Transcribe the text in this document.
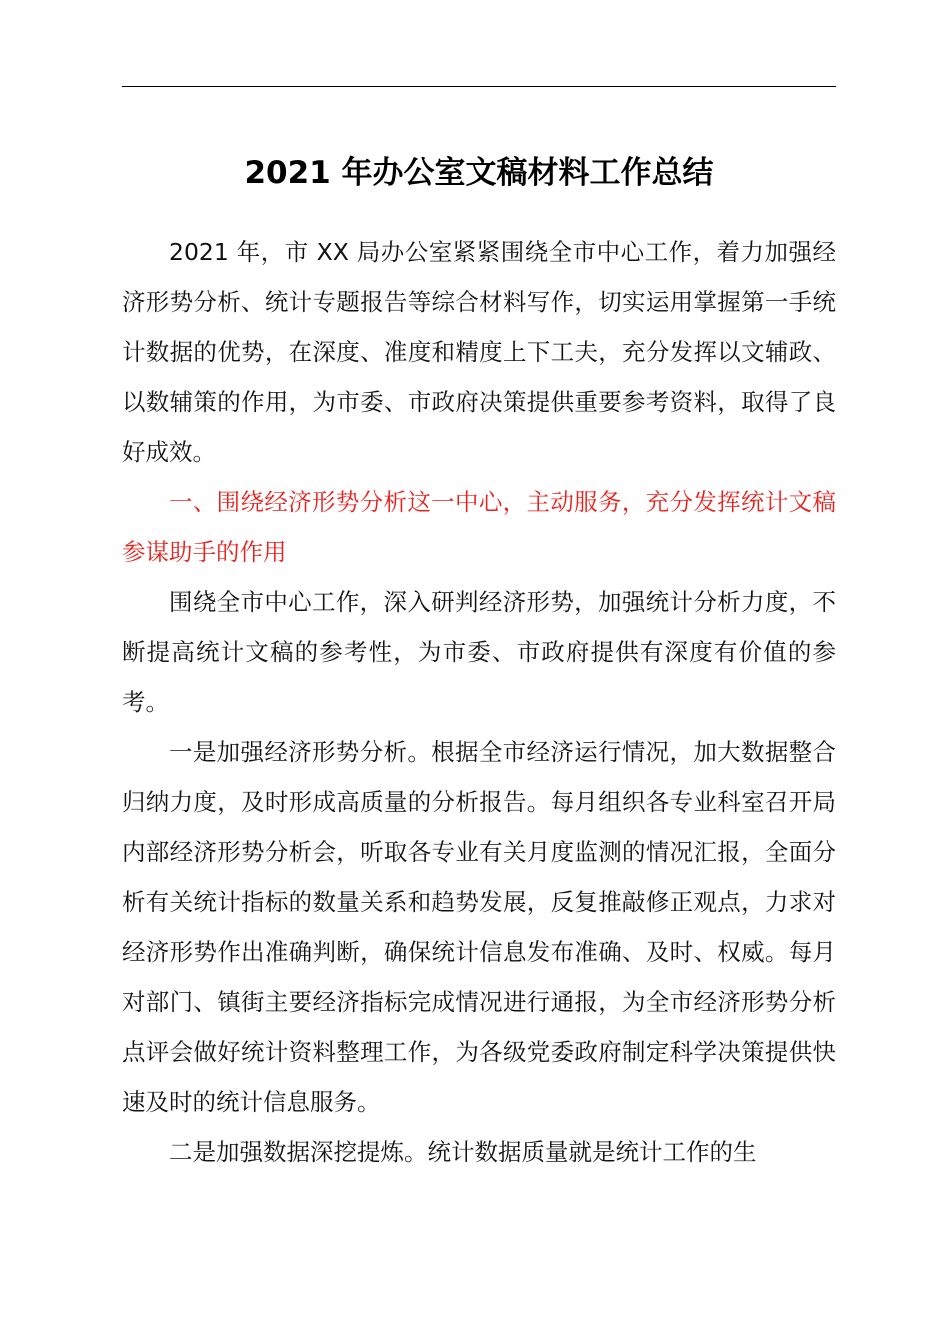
2021 年办公室文稿材料工作总结

2021 年，市 XX 局办公室紧紧围绕全市中心工作，着力加强经济形势分析、统计专题报告等综合材料写作，切实运用掌握第一手统计数据的优势，在深度、准度和精度上下工夫，充分发挥以文辅政、以数辅策的作用，为市委、市政府决策提供重要参考资料，取得了良好成效。

一、围绕经济形势分析这一中心，主动服务，充分发挥统计文稿参谋助手的作用

围绕全市中心工作，深入研判经济形势，加强统计分析力度，不断提高统计文稿的参考性，为市委、市政府提供有深度有价值的参考。

一是加强经济形势分析。根据全市经济运行情况，加大数据整合归纳力度，及时形成高质量的分析报告。每月组织各专业科室召开局内部经济形势分析会，听取各专业有关月度监测的情况汇报，全面分析有关统计指标的数量关系和趋势发展，反复推敲修正观点，力求对经济形势作出准确判断，确保统计信息发布准确、及时、权威。每月对部门、镇街主要经济指标完成情况进行通报，为全市经济形势分析点评会做好统计资料整理工作，为各级党委政府制定科学决策提供快速及时的统计信息服务。

二是加强数据深挖提炼。统计数据质量就是统计工作的生
